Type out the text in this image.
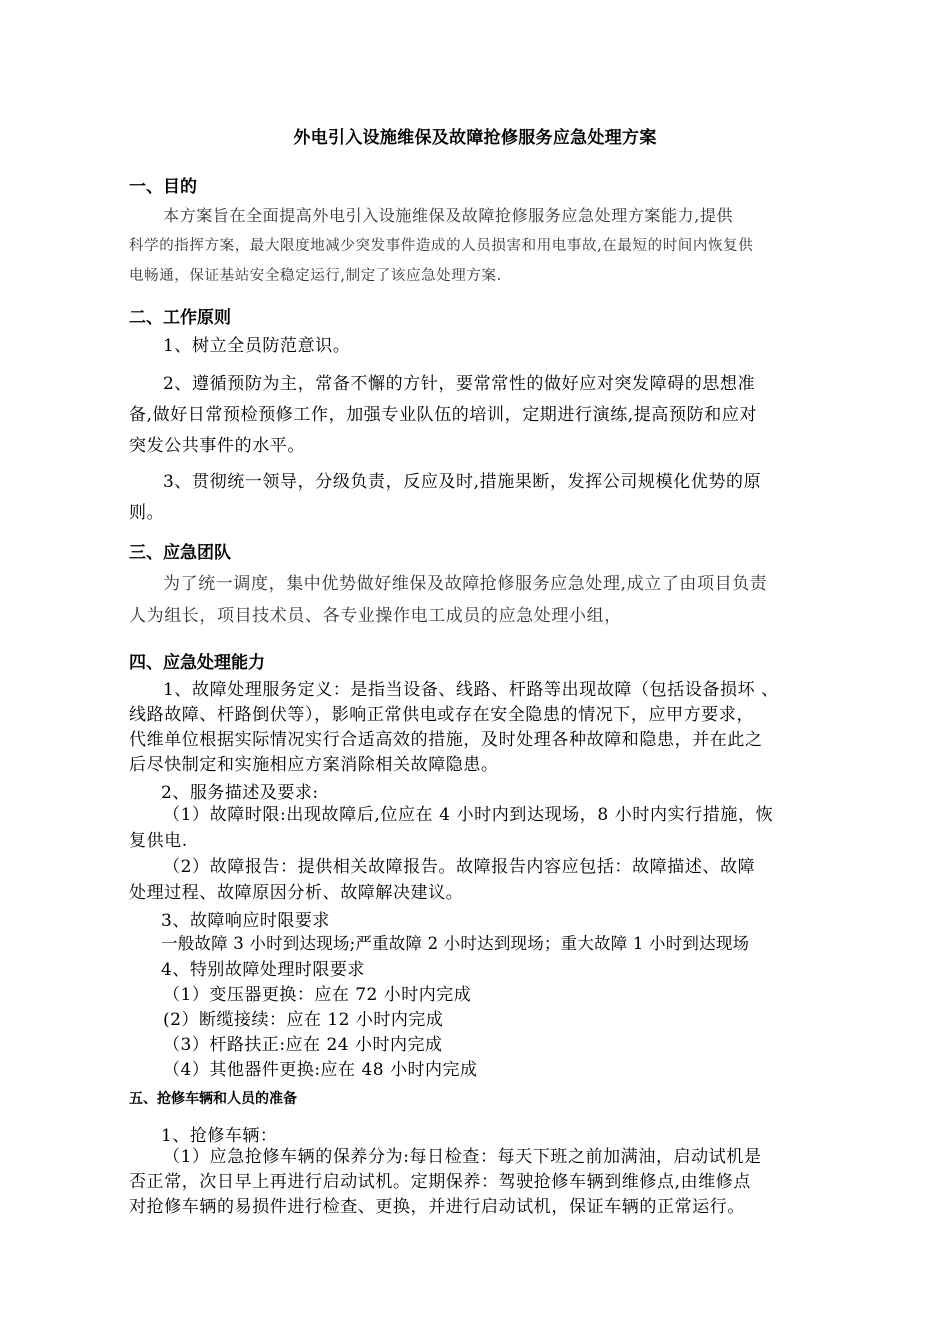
外电引入设施维保及故障抢修服务应急处理方案
一、目的
本方案旨在全面提高外电引入设施维保及故障抢修服务应急处理方案能力,提供
科学的指挥方案，最大限度地减少突发事件造成的人员损害和用电事故,在最短的时间内恢复供
电畅通，保证基站安全稳定运行,制定了该应急处理方案.
二、工作原则
1、树立全员防范意识。
2、遵循预防为主，常备不懈的方针，要常常性的做好应对突发障碍的思想准
备,做好日常预检预修工作，加强专业队伍的培训，定期进行演练,提高预防和应对
突发公共事件的水平。
3、贯彻统一领导，分级负责，反应及时,措施果断，发挥公司规模化优势的原
则。
三、应急团队
为了统一调度，集中优势做好维保及故障抢修服务应急处理,成立了由项目负责
人为组长，项目技术员、各专业操作电工成员的应急处理小组，
四、应急处理能力
1、故障处理服务定义：是指当设备、线路、杆路等出现故障（包括设备损坏 、
线路故障、杆路倒伏等），影响正常供电或存在安全隐患的情况下，应甲方要求，
代维单位根据实际情况实行合适高效的措施，及时处理各种故障和隐患，并在此之
后尽快制定和实施相应方案消除相关故障隐患。
2、服务描述及要求:
（1）故障时限:出现故障后,位应在 4 小时内到达现场，8 小时内实行措施，恢
复供电.
（2）故障报告：提供相关故障报告。故障报告内容应包括：故障描述、故障
处理过程、故障原因分析、故障解决建议。
3、故障响应时限要求
一般故障 3 小时到达现场;严重故障 2 小时达到现场；重大故障 1 小时到达现场
4、特别故障处理时限要求
（1）变压器更换：应在 72 小时内完成
(2）断缆接续：应在 12 小时内完成
（3）杆路扶正:应在 24 小时内完成
（4）其他器件更换:应在 48 小时内完成
五、抢修车辆和人员的准备
1、抢修车辆：
（1）应急抢修车辆的保养分为:每日检查：每天下班之前加满油，启动试机是
否正常，次日早上再进行启动试机。定期保养：驾驶抢修车辆到维修点,由维修点
对抢修车辆的易损件进行检查、更换，并进行启动试机，保证车辆的正常运行。
